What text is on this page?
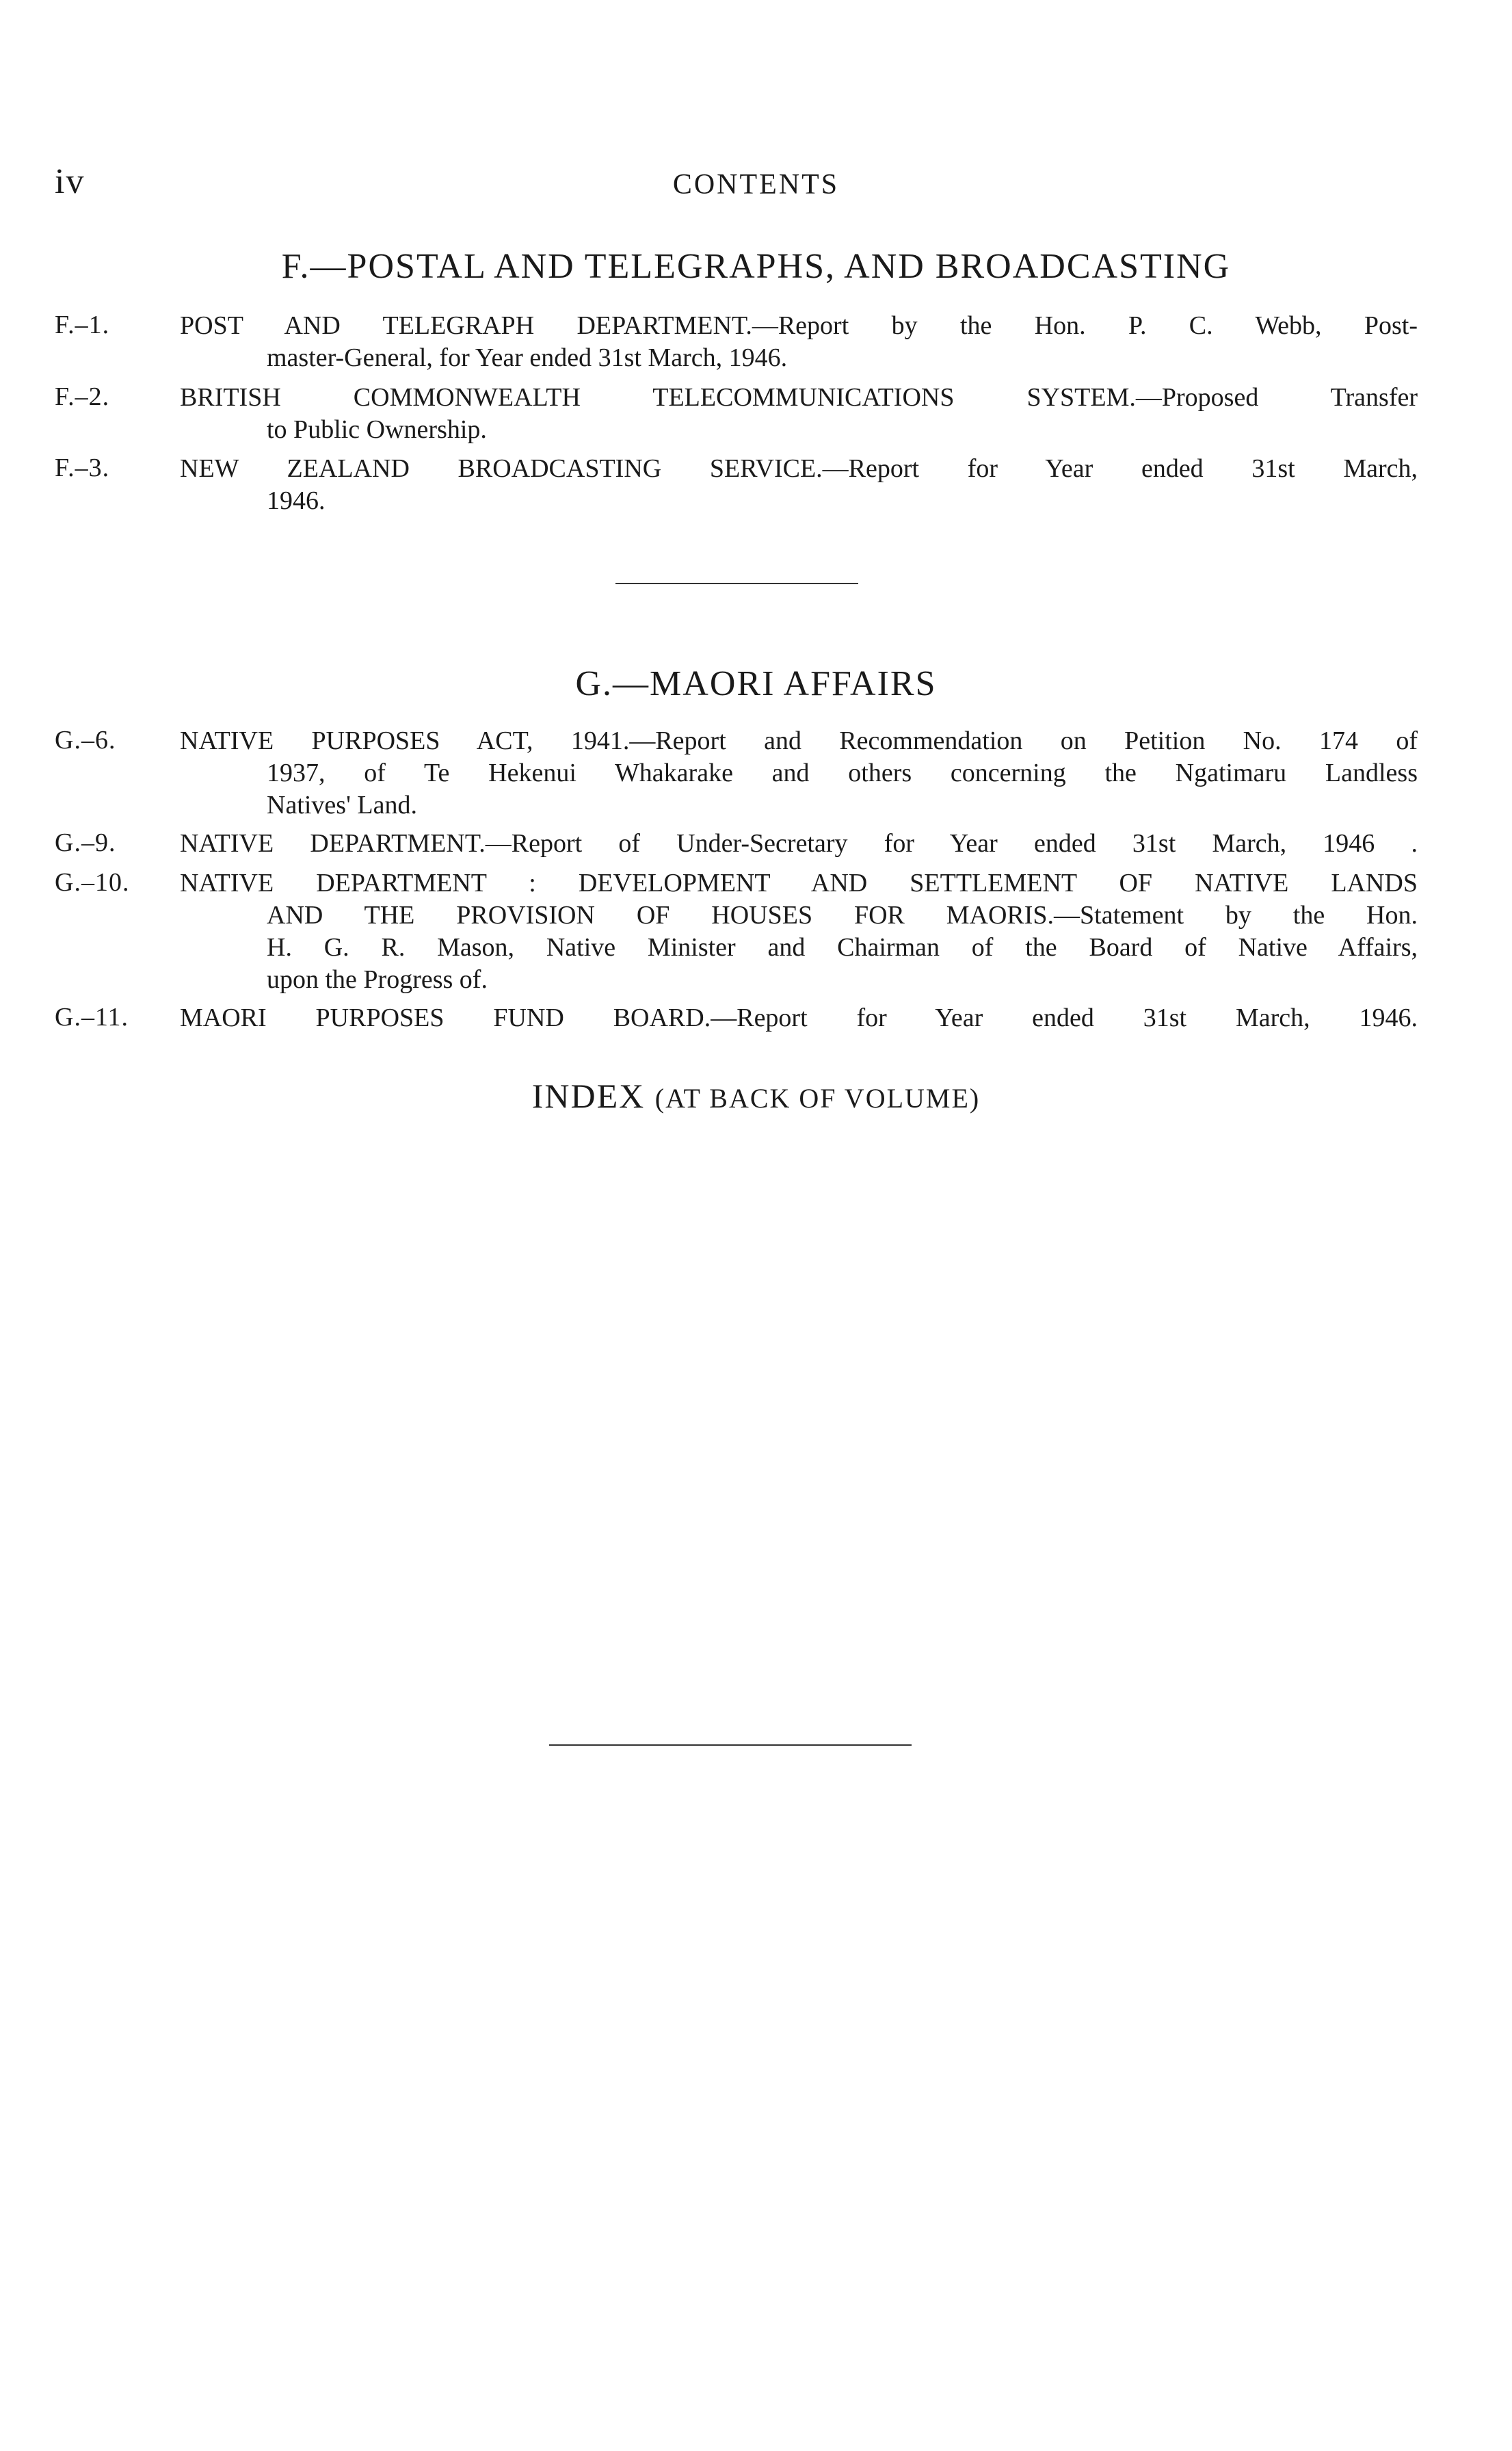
iv	CONTENTS
F.—POSTAL AND TELEGRAPHS, AND BROADCASTING
F.–1.	POST AND TELEGRAPH DEPARTMENT.—Report by the Hon. P. C. Webb, Post-
master-General, for Year ended 31st March, 1946.
F.–2.	BRITISH COMMONWEALTH TELECOMMUNICATIONS SYSTEM.—Proposed Transfer
to Public Ownership.
F.–3.	NEW ZEALAND BROADCASTING SERVICE.—Report for Year ended 31st March,
1946.
G.—MAORI AFFAIRS
G.–6. NATIVE PURPOSES ACT, 1941.—Report and Recommendation on Petition No. 174 of
1937, of Te Hekenui Whakarake and others concerning the Ngatimaru Landless
Natives' Land.
G.–9. NATIVE DEPARTMENT.—Report of Under-Secretary for Year ended 31st March, 1946 .
G.–10. NATIVE DEPARTMENT : DEVELOPMENT AND SETTLEMENT OF NATIVE LANDS
AND THE PROVISION OF HOUSES FOR MAORIS.—Statement by the Hon.
H. G. R. Mason, Native Minister and Chairman of the Board of Native Affairs,
upon the Progress of.
G.–11. MAORI PURPOSES FUND BOARD.—Report for Year ended 31st March, 1946.
INDEX (AT BACK OF VOLUME)
